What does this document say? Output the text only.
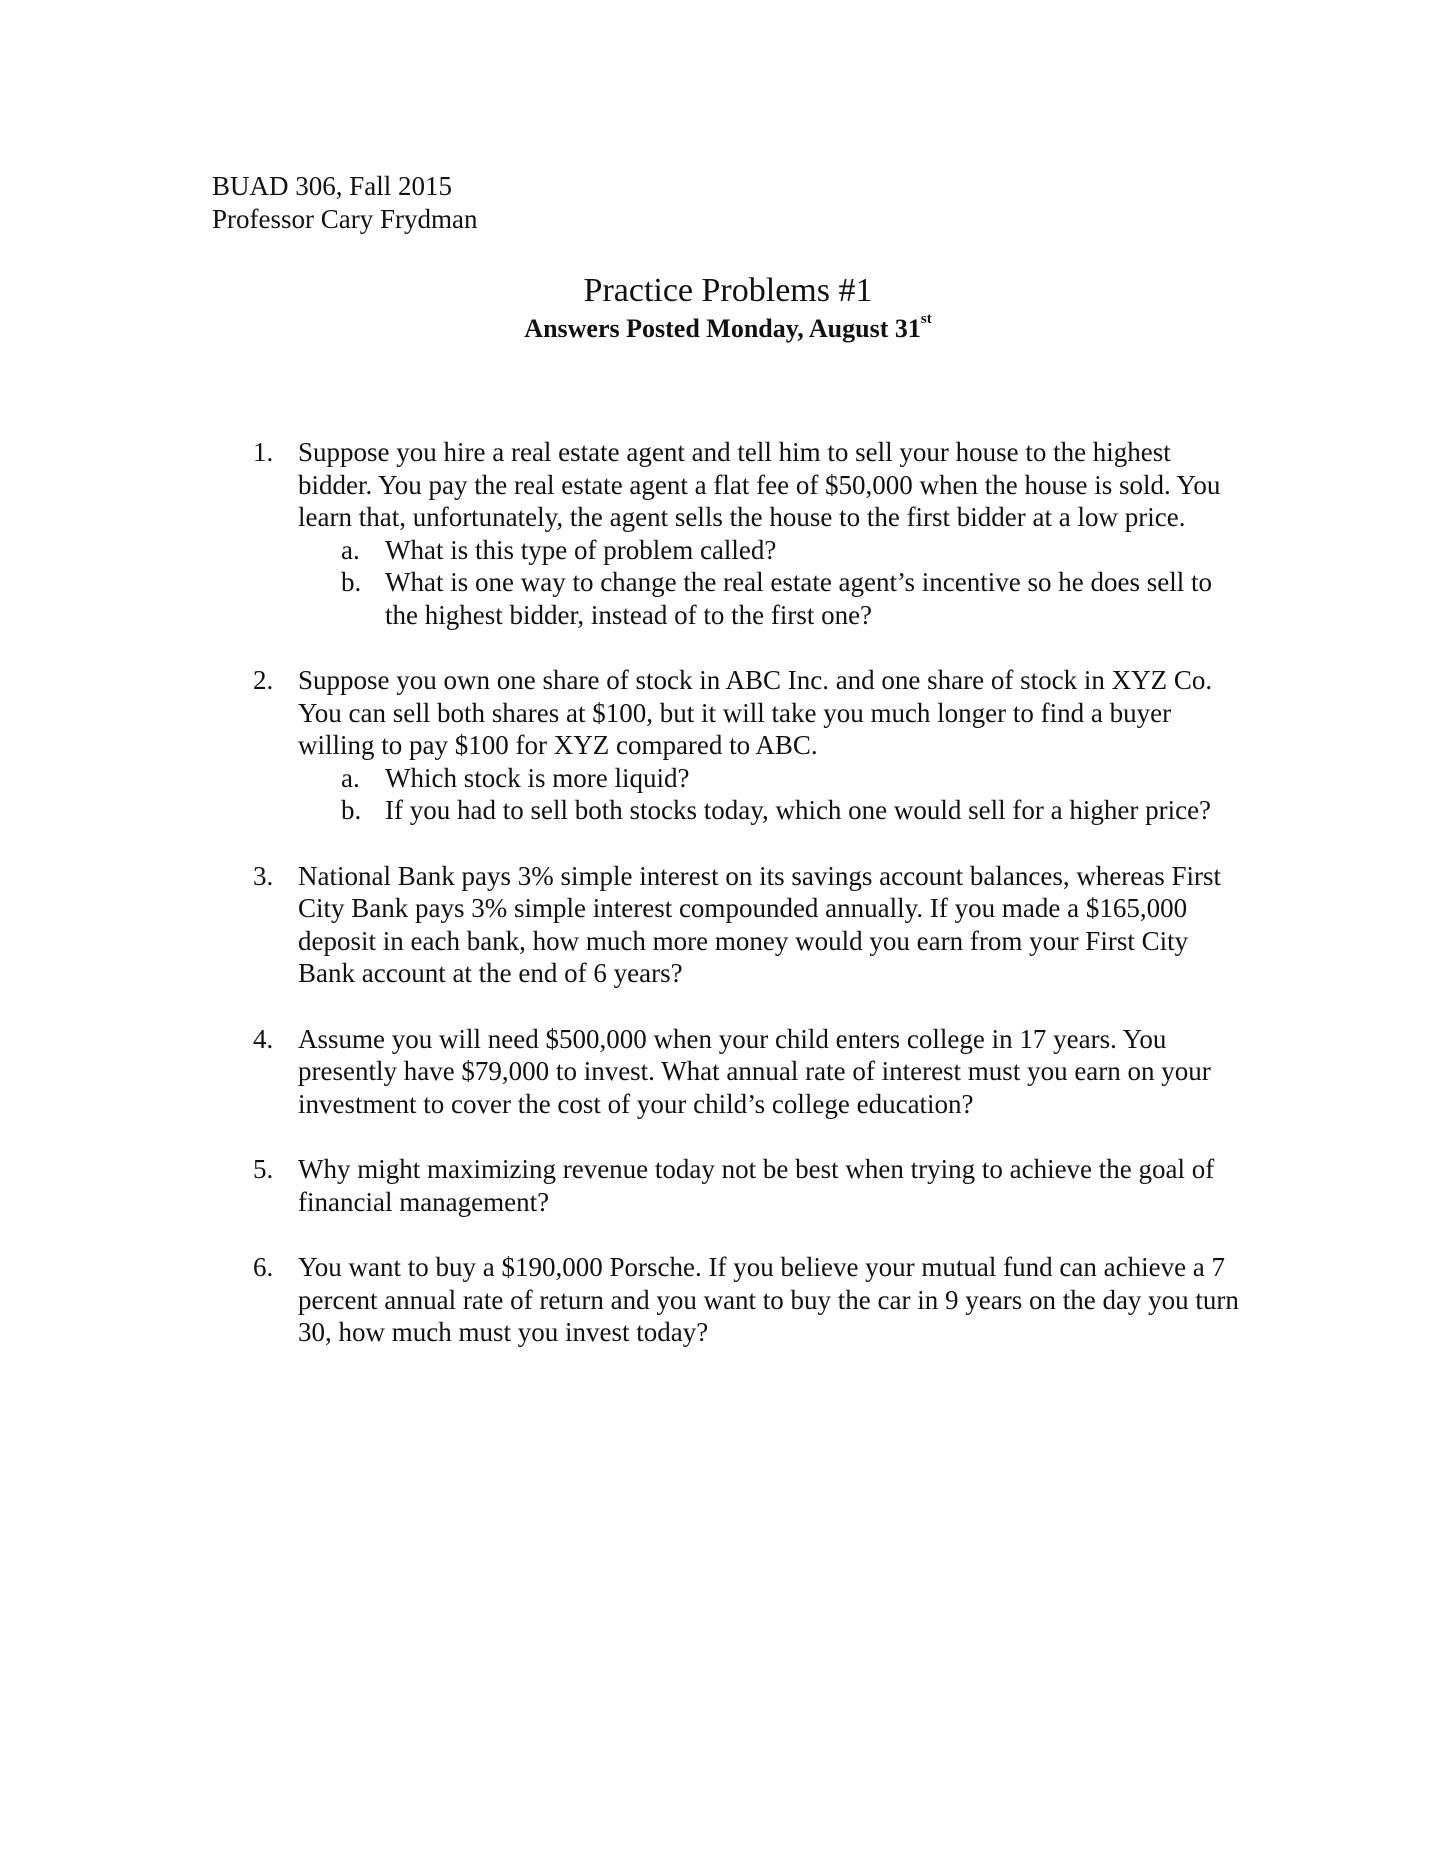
BUAD 306, Fall 2015
Professor Cary Frydman
Practice Problems #1
Answers Posted Monday, August 31st
1. Suppose you hire a real estate agent and tell him to sell your house to the highest bidder. You pay the real estate agent a flat fee of $50,000 when the house is sold. You learn that, unfortunately, the agent sells the house to the first bidder at a low price.
a. What is this type of problem called?
b. What is one way to change the real estate agent’s incentive so he does sell to the highest bidder, instead of to the first one?
2. Suppose you own one share of stock in ABC Inc. and one share of stock in XYZ Co. You can sell both shares at $100, but it will take you much longer to find a buyer willing to pay $100 for XYZ compared to ABC.
a. Which stock is more liquid?
b. If you had to sell both stocks today, which one would sell for a higher price?
3. National Bank pays 3% simple interest on its savings account balances, whereas First City Bank pays 3% simple interest compounded annually. If you made a $165,000 deposit in each bank, how much more money would you earn from your First City Bank account at the end of 6 years?
4. Assume you will need $500,000 when your child enters college in 17 years. You presently have $79,000 to invest. What annual rate of interest must you earn on your investment to cover the cost of your child’s college education?
5. Why might maximizing revenue today not be best when trying to achieve the goal of financial management?
6. You want to buy a $190,000 Porsche. If you believe your mutual fund can achieve a 7 percent annual rate of return and you want to buy the car in 9 years on the day you turn 30, how much must you invest today?
